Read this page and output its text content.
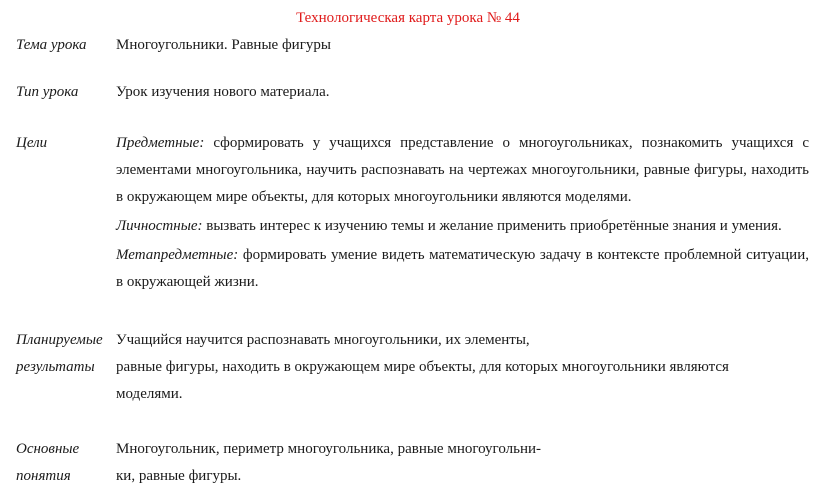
Технологическая карта урока № 44
Тема урока Многоугольники. Равные фигуры
Тип урока	Урок изучения нового материала.
Цели	Предметные: сформировать у учащихся представление о многоугольниках, познакомить учащихся с элементами многоугольника, научить распознавать на чертежах многоугольники, равные фигуры, находить в окружающем мире объекты, для которых многоугольники являются моделями.
Личностные: вызвать интерес к изучению темы и желание применить приобретённые знания и умения.
Метапредметные: формировать умение видеть математическую задачу в контексте проблемной ситуации, в окружающей жизни.
Планируемые
результаты
Учащийся научится распознавать многоугольники, их элементы,
равные фигуры, находить в окружающем мире объекты, для которых многоугольники являются
моделями.
Основные
понятия
Многоугольник, периметр многоугольника, равные многоугольни-
ки, равные фигуры.
